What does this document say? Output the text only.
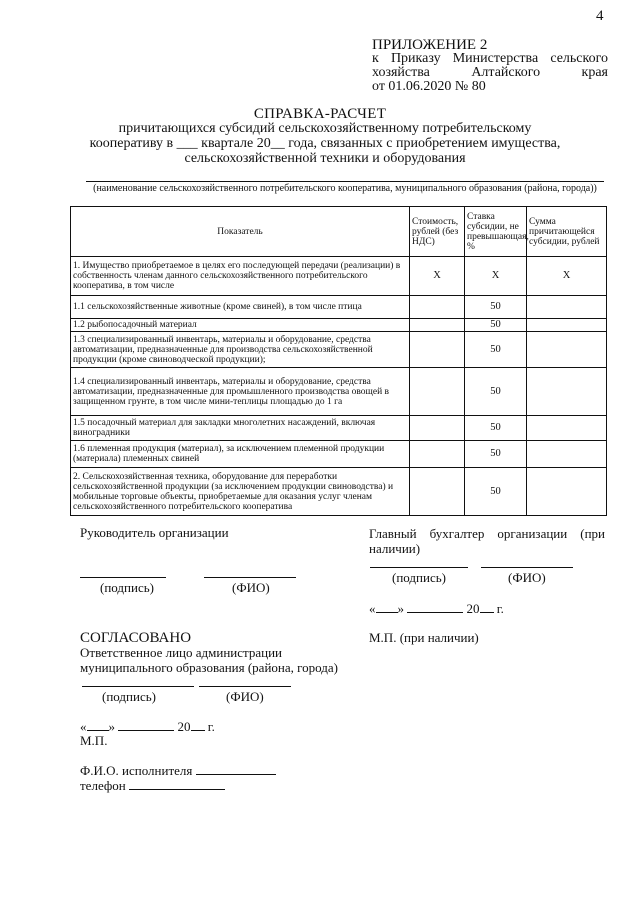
4
ПРИЛОЖЕНИЕ 2
к Приказу Министерства сельского
хозяйства Алтайского края
от 01.06.2020 № 80
СПРАВКА-РАСЧЕТ
причитающихся субсидий сельскохозяйственному потребительскому
кооперативу в ___ квартале 20__ года, связанных с приобретением имущества,
сельскохозяйственной техники и оборудования
(наименование сельскохозяйственного потребительского кооператива, муниципального образования (района, города))
Показатель	Стоимость, рублей (без НДС)	Ставка субсидии, не превышающая, %	Сумма причитающейся субсидии, рублей
1. Имущество приобретаемое в целях его последующей передачи (реализации) в собственность членам данного сельскохозяйственного потребительского кооператива, в том числе	X	X	X
1.1 сельскохозяйственные животные (кроме свиней), в том числе птица		50	
1.2 рыбопосадочный материал		50	
1.3 специализированный инвентарь, материалы и оборудование, средства автоматизации, предназначенные для производства сельскохозяйственной продукции (кроме свиноводческой продукции);		50	
1.4 специализированный инвентарь, материалы и оборудование, средства автоматизации, предназначенные для промышленного производства овощей в защищенном грунте, в том числе мини-теплицы площадью до 1 га		50	
1.5 посадочный материал для закладки многолетних насаждений, включая виноградники		50	
1.6 племенная продукция (материал), за исключением племенной продукции (материала) племенных свиней		50	
2. Сельскохозяйственная техника, оборудование для переработки сельскохозяйственной продукции (за исключением продукции свиноводства) и мобильные торговые объекты, приобретаемые для оказания услуг членам сельскохозяйственного потребительского кооператива		50	
Руководитель организации
(подпись)	(ФИО)
Главный бухгалтер организации (при
наличии)
(подпись)	(ФИО)
« »	20 г.
М.П. (при наличии)
СОГЛАСОВАНО
Ответственное лицо администрации
муниципального образования (района, города)
(подпись)	(ФИО)
« »	20 г.
М.П.
Ф.И.О. исполнителя
телефон
